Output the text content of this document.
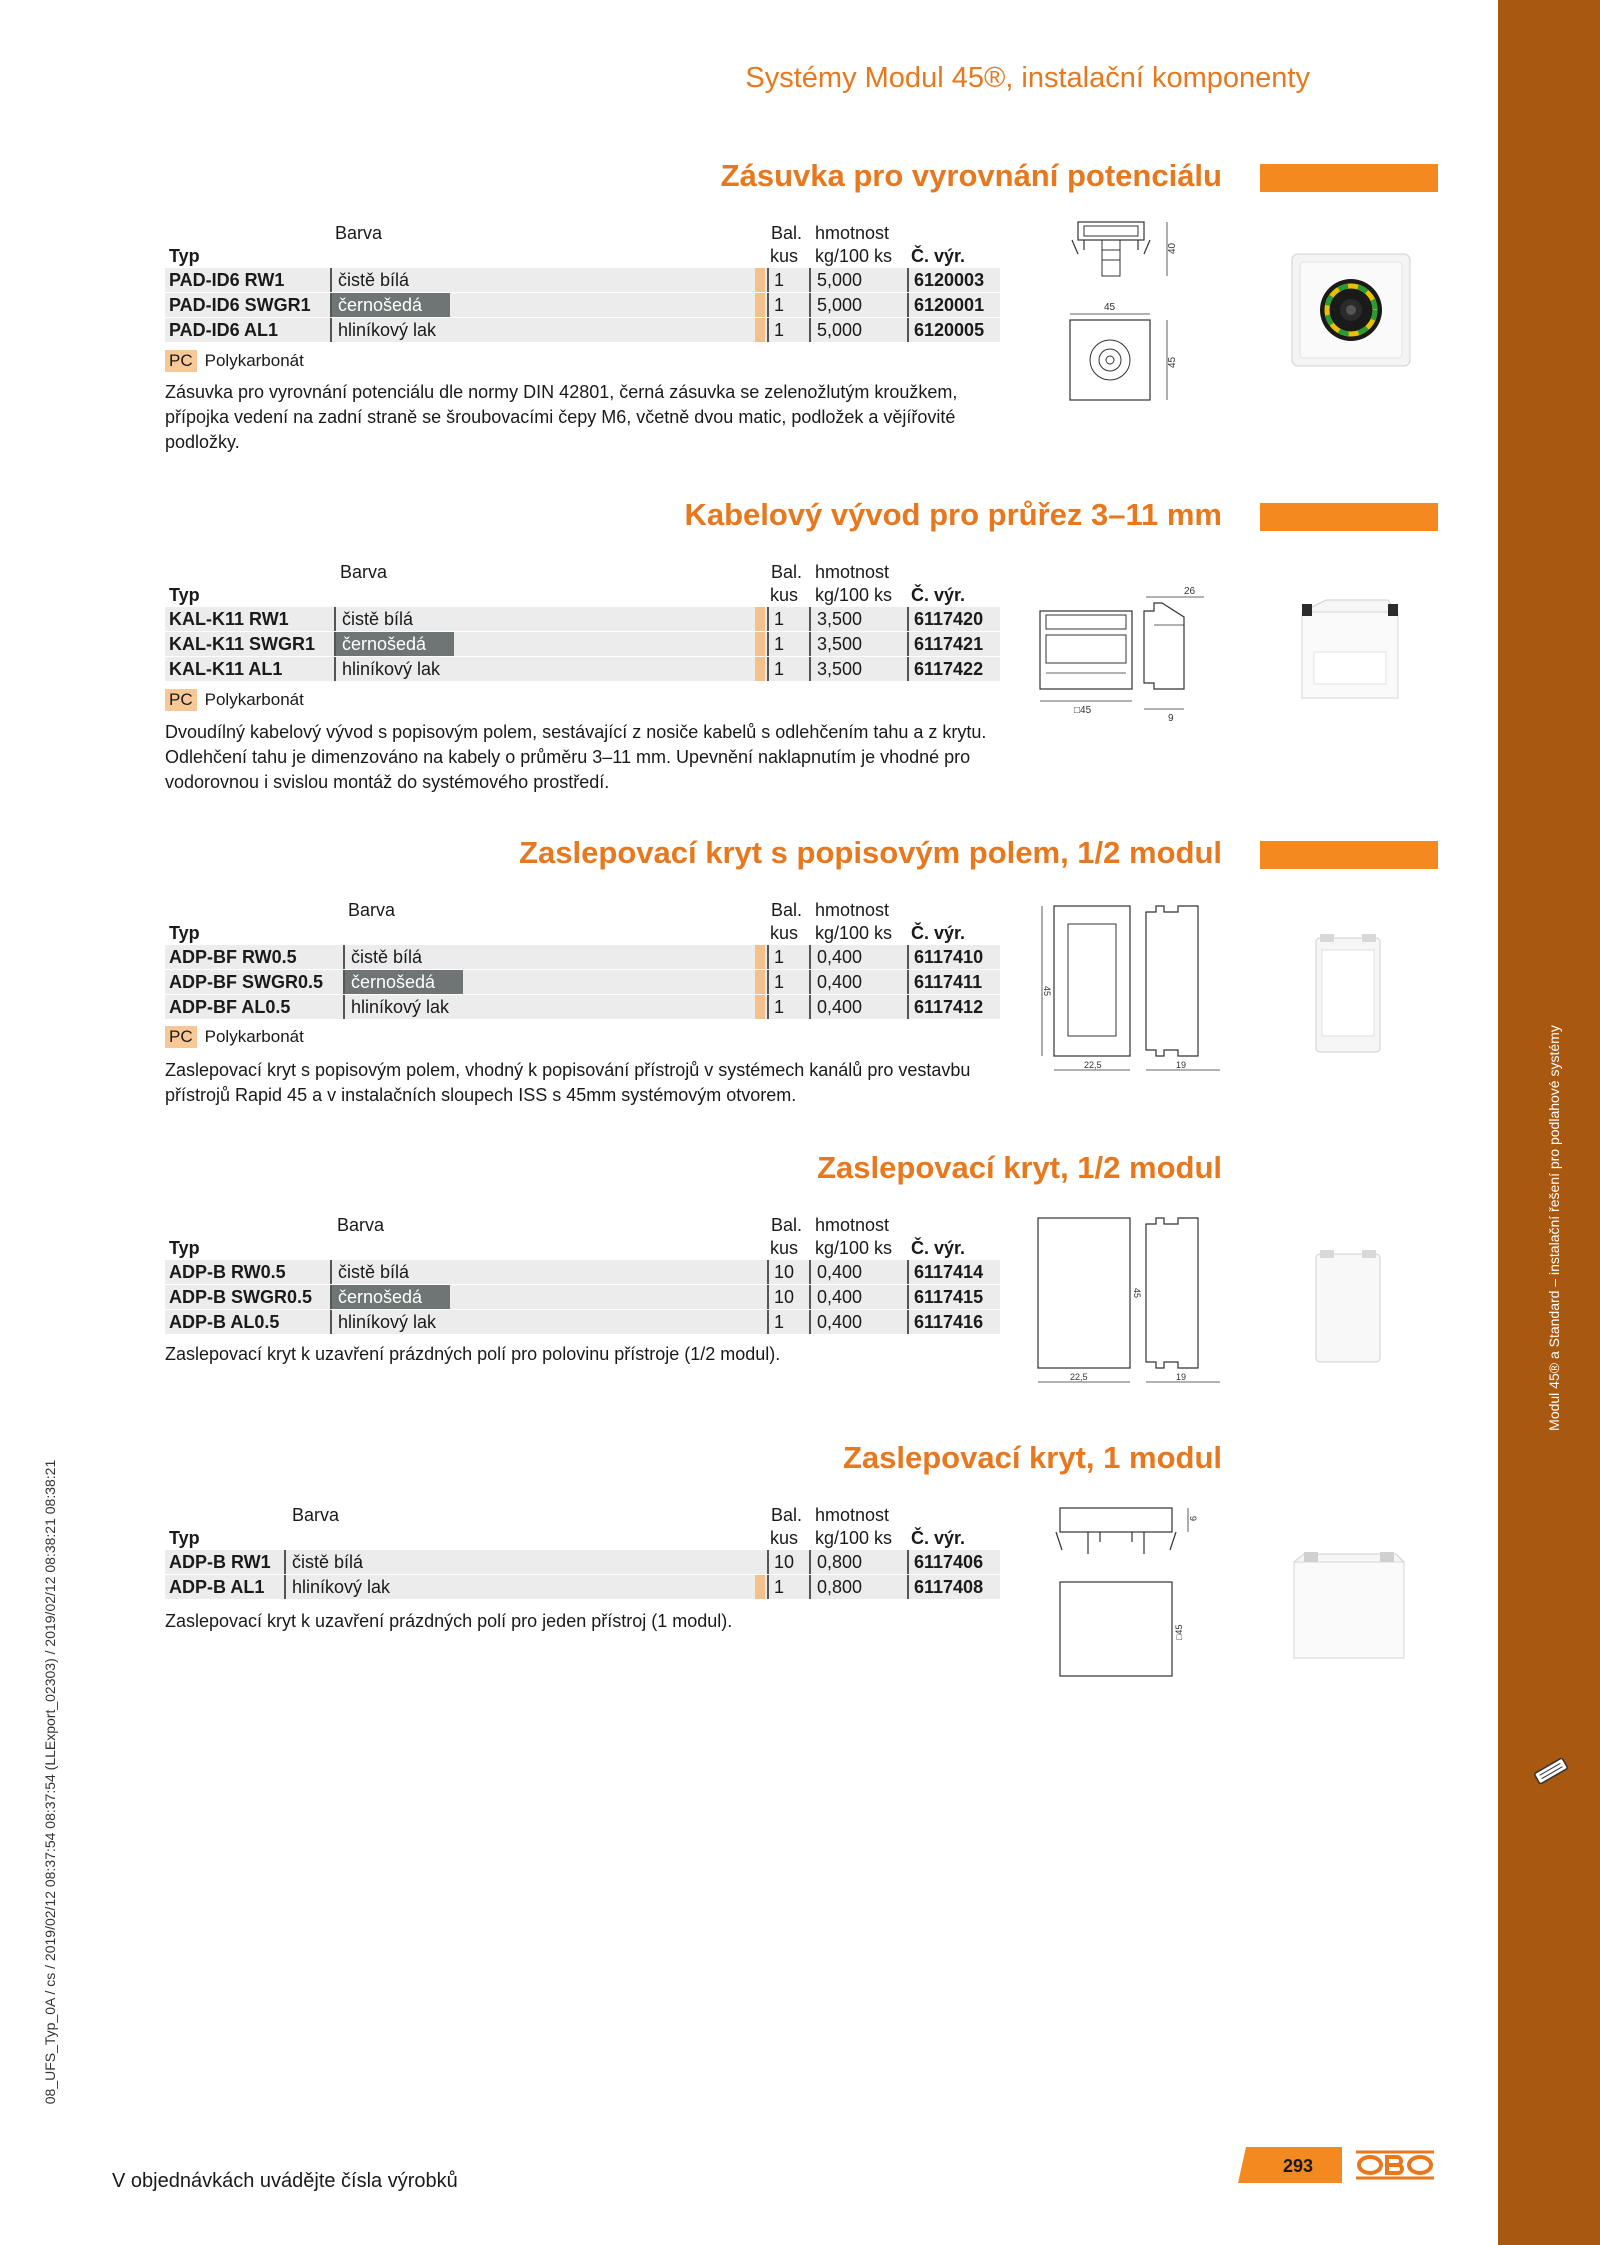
Modul 45® a Standard – instalační řešení pro podlahové systémy
Systémy Modul 45®, instalační komponenty
Zásuvka pro vyrovnání potenciálu
Barva
Typ
Bal.
kus
hmotnost
kg/100 ks Č. výr.
PAD-ID6 RW1	čistě bílá	1	5,000	6120003
PAD-ID6 SWGR1	černošedá	1	5,000	6120001
PAD-ID6 AL1	hliníkový lak	1	5,000	6120005
PC Polykarbonát
Zásuvka pro vyrovnání potenciálu dle normy DIN 42801, černá zásuvka se zelenožlutým kroužkem, přípojka vedení na zadní straně se šroubovacími čepy M6, včetně dvou matic, podložek a vějířovité podložky.
40
45
45
Kabelový vývod pro průřez 3–11 mm
Barva
Typ
Bal.
kus
hmotnost
kg/100 ks Č. výr.
KAL-K11 RW1	čistě bílá	1	3,500	6117420
KAL-K11 SWGR1	černošedá	1	3,500	6117421
KAL-K11 AL1	hliníkový lak	1	3,500	6117422
PC Polykarbonát
Dvoudílný kabelový vývod s popisovým polem, sestávající z nosiče kabelů s odlehčením tahu a z krytu. Odlehčení tahu je dimenzováno na kabely o průměru 3–11 mm. Upevnění naklapnutím je vhodné pro vodorovnou i svislou montáž do systémového prostředí.
□45
26
9
Zaslepovací kryt s popisovým polem, 1/2 modul
Barva
Typ
Bal.
kus
hmotnost
kg/100 ks Č. výr.
ADP-BF RW0.5	čistě bílá	1	0,400	6117410
ADP-BF SWGR0.5	černošedá	1	0,400	6117411
ADP-BF AL0.5	hliníkový lak	1	0,400	6117412
PC Polykarbonát
Zaslepovací kryt s popisovým polem, vhodný k popisování přístrojů v systémech kanálů pro vestavbu přístrojů Rapid 45 a v instalačních sloupech ISS s 45mm systémovým otvorem.
45
22,5	19
Zaslepovací kryt, 1/2 modul
Barva
Typ
Bal.
kus
hmotnost
kg/100 ks Č. výr.
ADP-B RW0.5	čistě bílá	10	0,400	6117414
ADP-B SWGR0.5	černošedá	10	0,400	6117415
ADP-B AL0.5	hliníkový lak	1	0,400	6117416
Zaslepovací kryt k uzavření prázdných polí pro polovinu přístroje (1/2 modul).
22,5
45
19
Zaslepovací kryt, 1 modul
Barva
Typ
Bal.
kus
hmotnost
kg/100 ks Č. výr.
ADP-B RW1	čistě bílá	10	0,800	6117406
ADP-B AL1	hliníkový lak	1	0,800	6117408
Zaslepovací kryt k uzavření prázdných polí pro jeden přístroj (1 modul).
9
□45
08_UFS_Typ_0A / cs / 2019/02/12 08:37:54 08:37:54 (LLExport_02303) / 2019/02/12 08:38:21 08:38:21
V objednávkách uvádějte čísla výrobků
293
